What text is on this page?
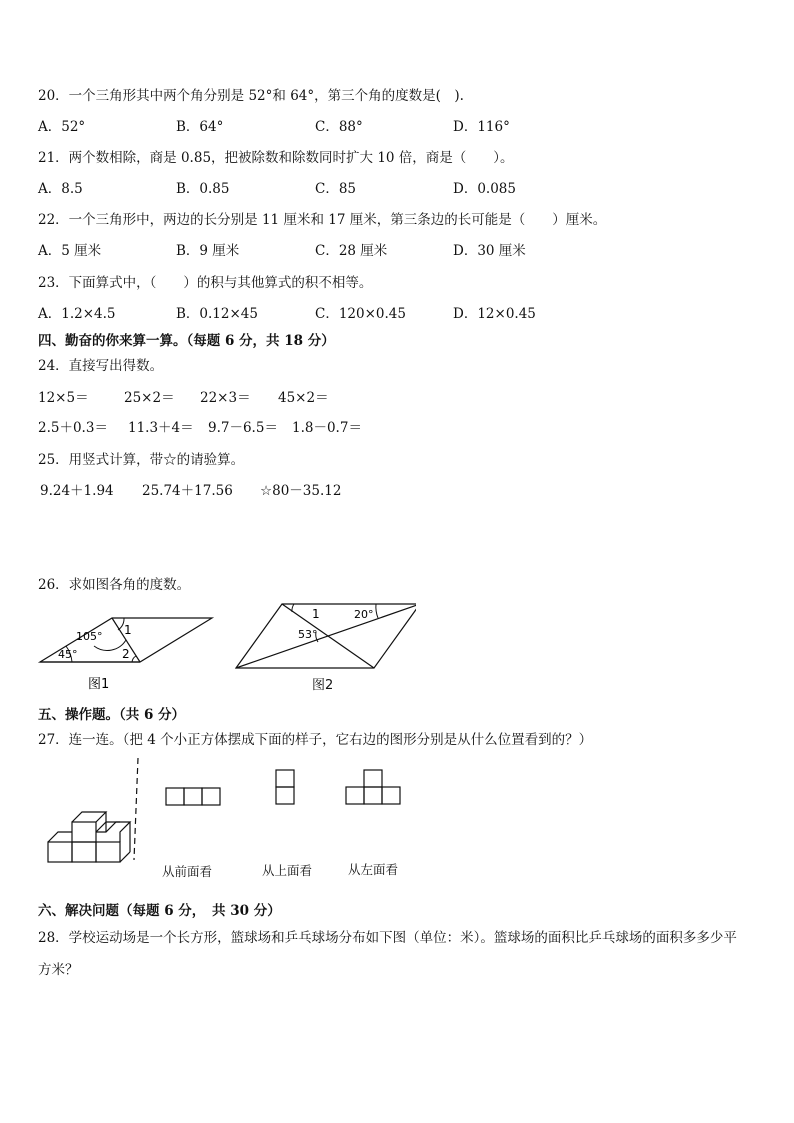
20．一个三角形其中两个角分别是 52°和 64°，第三个角的度数是(　).
A．52°	B．64°	C．88°	D．116°
21．两个数相除，商是 0.85，把被除数和除数同时扩大 10 倍，商是（　　）。
A．8.5	B．0.85	C．85	D．0.085
22．一个三角形中，两边的长分别是 11 厘米和 17 厘米，第三条边的长可能是（　　）厘米。
A．5 厘米	B．9 厘米	C．28 厘米	D．30 厘米
23．下面算式中，（　　）的积与其他算式的积不相等。
A．1.2×4.5	B．0.12×45	C．120×0.45	D．12×0.45
四、勤奋的你来算一算。（每题 6 分，共 18 分）
24．直接写出得数。
12×5＝	25×2＝ 22×3＝ 45×2＝
2.5＋0.3＝ 11.3＋4＝ 9.7－6.5＝ 1.8－0.7＝
25．用竖式计算，带☆的请验算。
9.24＋1.94 25.74＋17.56 ☆80－35.12
26．求如图各角的度数。
105°
45°
1
2
图1
1	20°
53°
图2
五、操作题。（共 6 分）
27．连一连。（把 4 个小正方体摆成下面的样子，它右边的图形分别是从什么位置看到的？）
从前面看	从上面看	从左面看
六、解决问题（每题 6 分，　共 30 分）
28．学校运动场是一个长方形，篮球场和乒乓球场分布如下图（单位：米）。篮球场的面积比乒乓球场的面积多多少平
方米？
